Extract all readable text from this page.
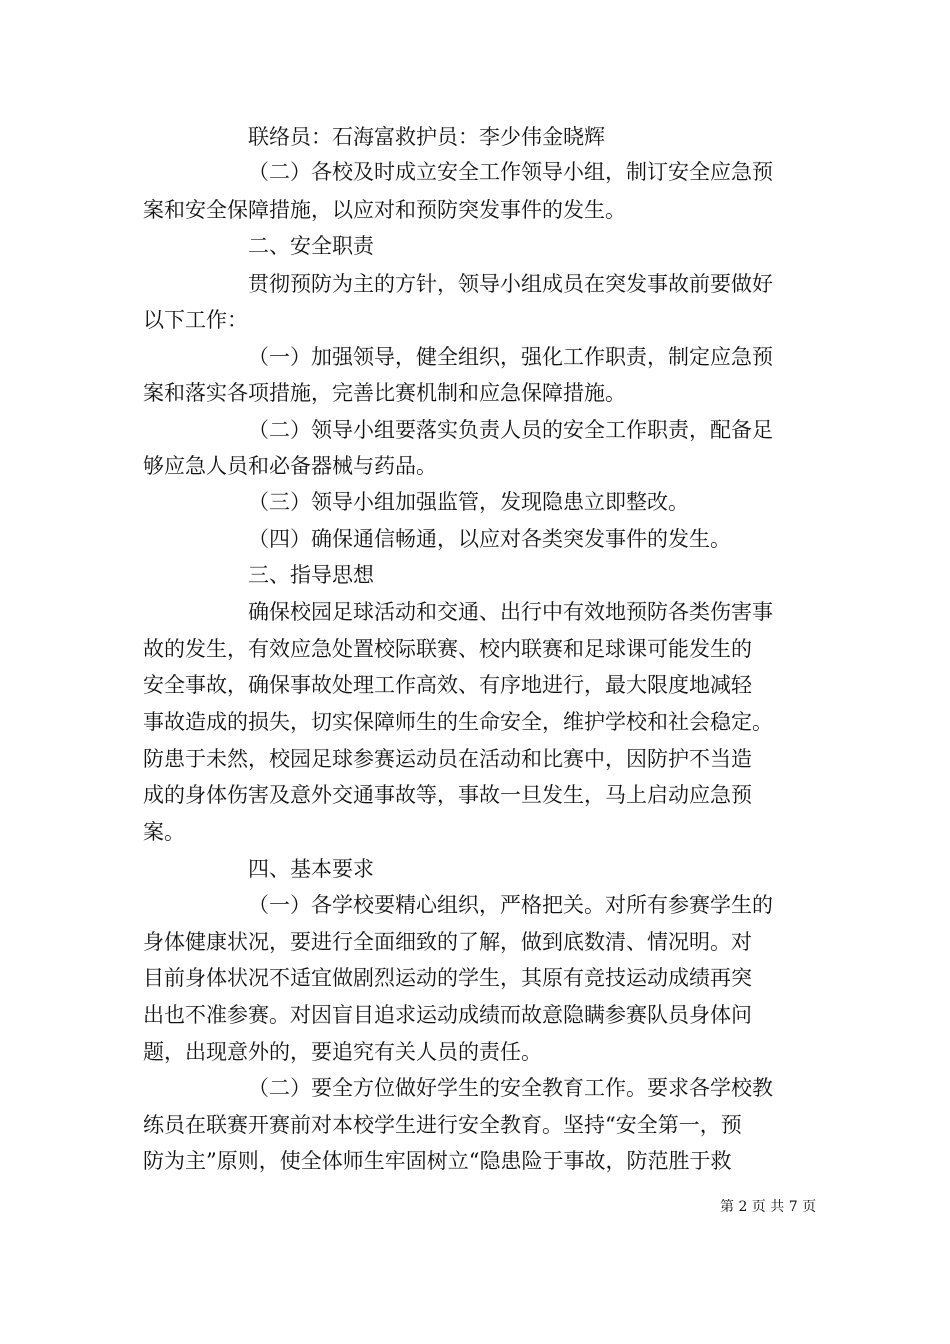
联络员：石海富救护员：李少伟金晓辉
（二）各校及时成立安全工作领导小组，制订安全应急预
案和安全保障措施，以应对和预防突发事件的发生。
二、安全职责
贯彻预防为主的方针，领导小组成员在突发事故前要做好
以下工作：
（一）加强领导，健全组织，强化工作职责，制定应急预
案和落实各项措施，完善比赛机制和应急保障措施。
（二）领导小组要落实负责人员的安全工作职责，配备足
够应急人员和必备器械与药品。
（三）领导小组加强监管，发现隐患立即整改。
（四）确保通信畅通，以应对各类突发事件的发生。
三、指导思想
确保校园足球活动和交通、出行中有效地预防各类伤害事
故的发生，有效应急处置校际联赛、校内联赛和足球课可能发生的
安全事故，确保事故处理工作高效、有序地进行，最大限度地减轻
事故造成的损失，切实保障师生的生命安全，维护学校和社会稳定。
防患于未然，校园足球参赛运动员在活动和比赛中，因防护不当造
成的身体伤害及意外交通事故等，事故一旦发生，马上启动应急预
案。
四、基本要求
（一）各学校要精心组织，严格把关。对所有参赛学生的
身体健康状况，要进行全面细致的了解，做到底数清、情况明。对
目前身体状况不适宜做剧烈运动的学生，其原有竞技运动成绩再突
出也不准参赛。对因盲目追求运动成绩而故意隐瞒参赛队员身体问
题，出现意外的，要追究有关人员的责任。
（二）要全方位做好学生的安全教育工作。要求各学校教
练员在联赛开赛前对本校学生进行安全教育。坚持“安全第一，预
防为主”原则，使全体师生牢固树立“隐患险于事故，防范胜于救
第 2 页 共 7 页
